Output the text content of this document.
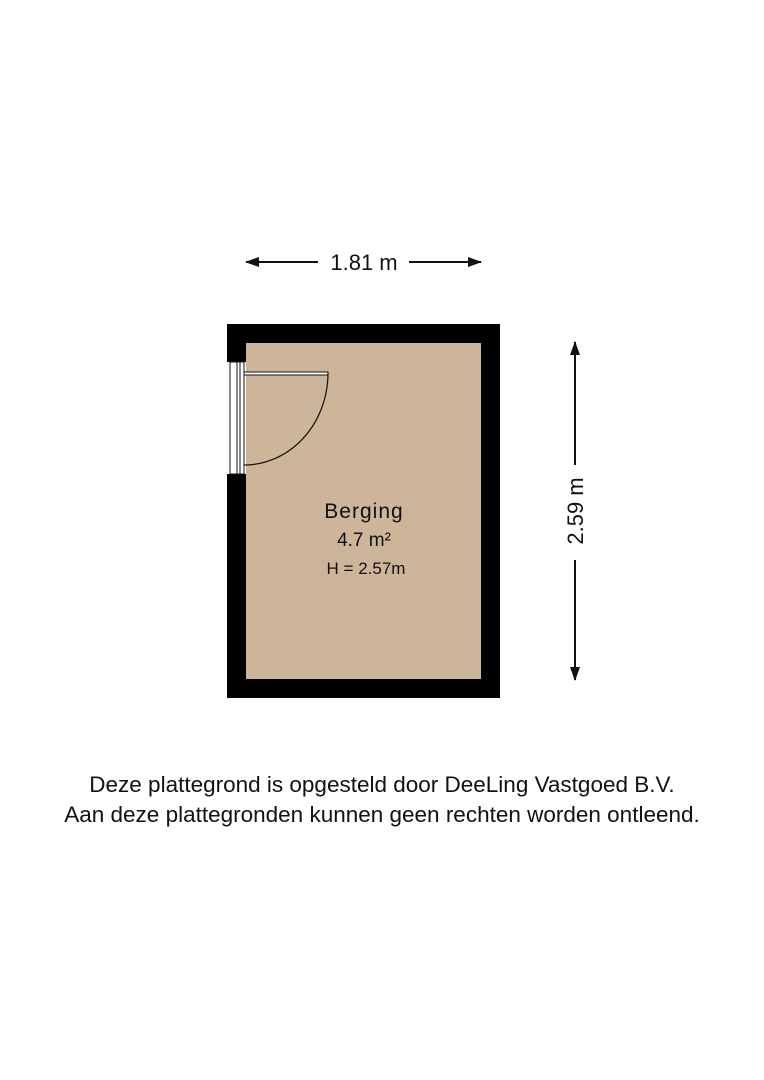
1.81 m
2.59 m
Berging
4.7 m²
H = 2.57m
Deze plattegrond is opgesteld door DeeLing Vastgoed B.V.
Aan deze plattegronden kunnen geen rechten worden ontleend.
